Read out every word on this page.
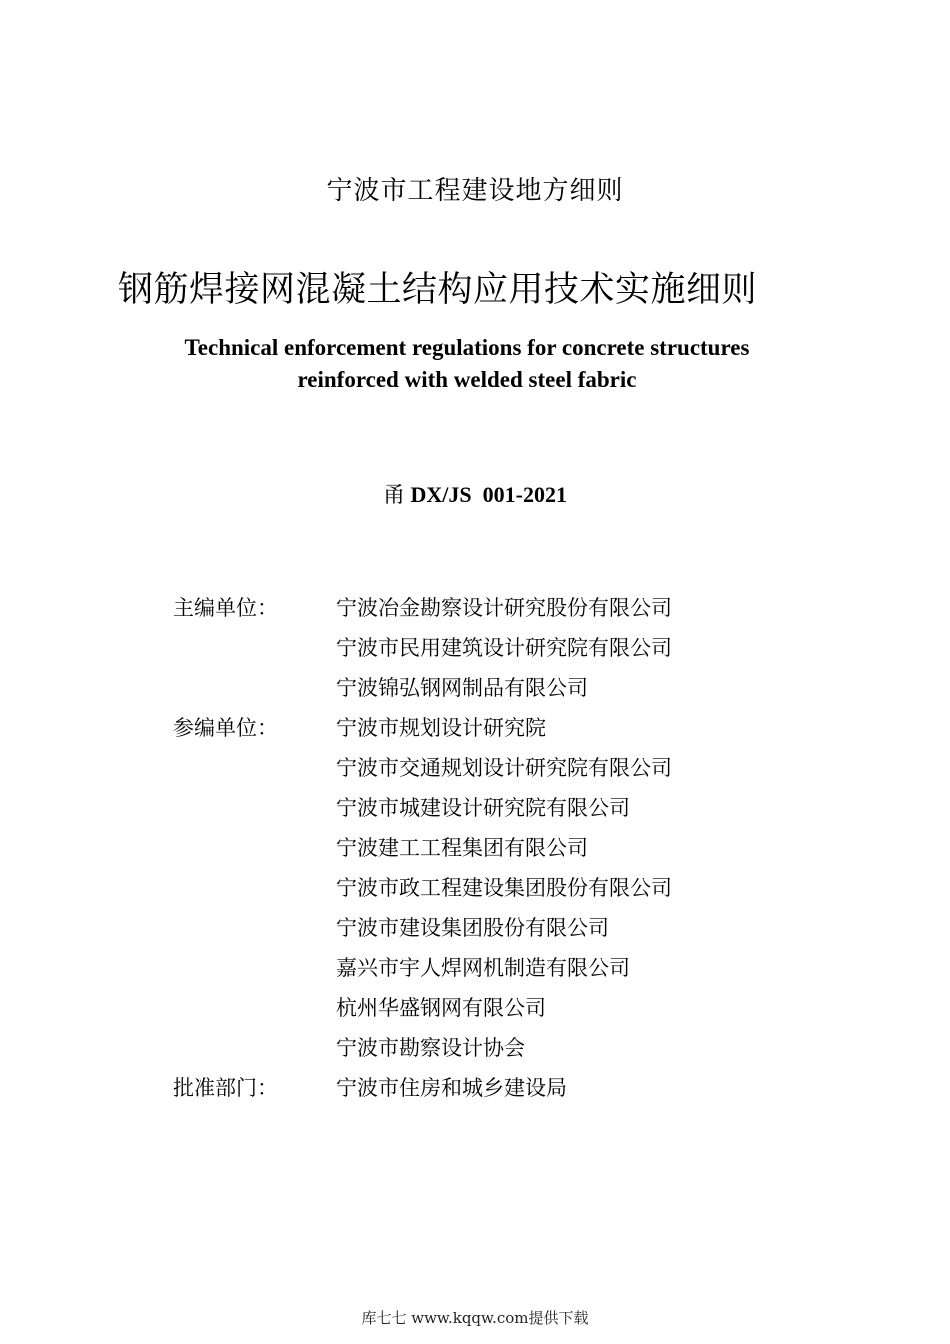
宁波市工程建设地方细则
钢筋焊接网混凝土结构应用技术实施细则
Technical enforcement regulations for concrete structures
reinforced with welded steel fabric
甬 DX/JS  001-2021
主编单位：	宁波冶金勘察设计研究股份有限公司
宁波市民用建筑设计研究院有限公司
宁波锦弘钢网制品有限公司
参编单位：	宁波市规划设计研究院
宁波市交通规划设计研究院有限公司
宁波市城建设计研究院有限公司
宁波建工工程集团有限公司
宁波市政工程建设集团股份有限公司
宁波市建设集团股份有限公司
嘉兴市宇人焊网机制造有限公司
杭州华盛钢网有限公司
宁波市勘察设计协会
批准部门：	宁波市住房和城乡建设局
库七七 www.kqqw.com提供下载
